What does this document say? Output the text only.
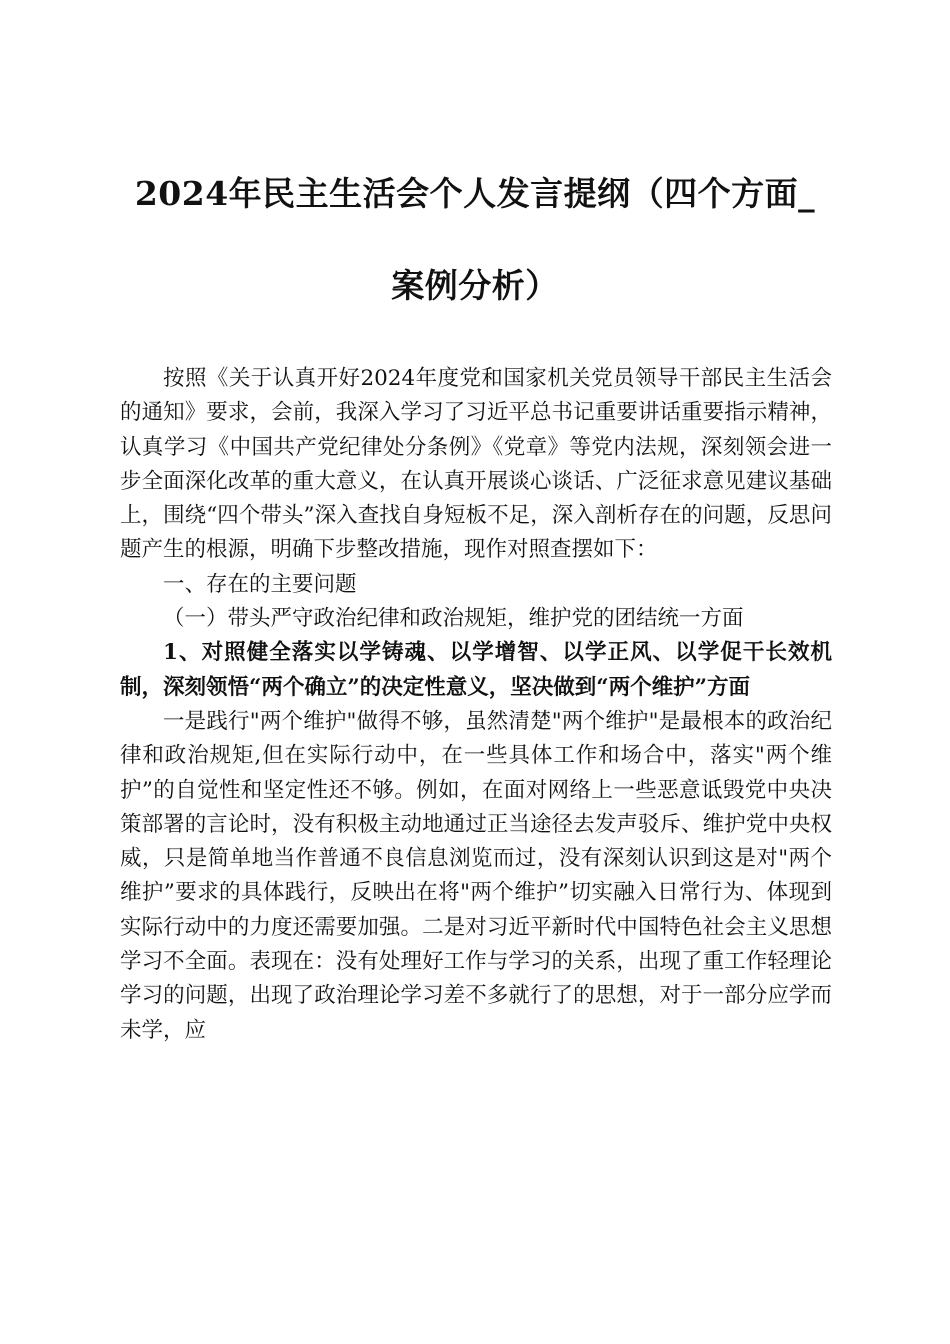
2024年民主生活会个人发言提纲（四个方面_
案例分析）

按照《关于认真开好2024年度党和国家机关党员领导干部民主生活会的通知》要求，会前，我深入学习了习近平总书记重要讲话重要指示精神，认真学习《中国共产党纪律处分条例》《党章》等党内法规，深刻领会进一步全面深化改革的重大意义，在认真开展谈心谈话、广泛征求意见建议基础上，围绕“四个带头”深入查找自身短板不足，深入剖析存在的问题，反思问题产生的根源，明确下步整改措施，现作对照查摆如下：

一、存在的主要问题

（一）带头严守政治纪律和政治规矩，维护党的团结统一方面

1、对照健全落实以学铸魂、以学增智、以学正风、以学促干长效机制，深刻领悟“两个确立”的决定性意义，坚决做到“两个维护”方面

一是践行"两个维护"做得不够，虽然清楚"两个维护"是最根本的政治纪律和政治规矩,但在实际行动中，在一些具体工作和场合中，落实"两个维护”的自觉性和坚定性还不够。例如，在面对网络上一些恶意诋毁党中央决策部署的言论时，没有积极主动地通过正当途径去发声驳斥、维护党中央权威，只是简单地当作普通不良信息浏览而过，没有深刻认识到这是对"两个维护”要求的具体践行，反映出在将"两个维护”切实融入日常行为、体现到实际行动中的力度还需要加强。二是对习近平新时代中国特色社会主义思想学习不全面。表现在：没有处理好工作与学习的关系，出现了重工作轻理论学习的问题，出现了政治理论学习差不多就行了的思想，对于一部分应学而未学，应
